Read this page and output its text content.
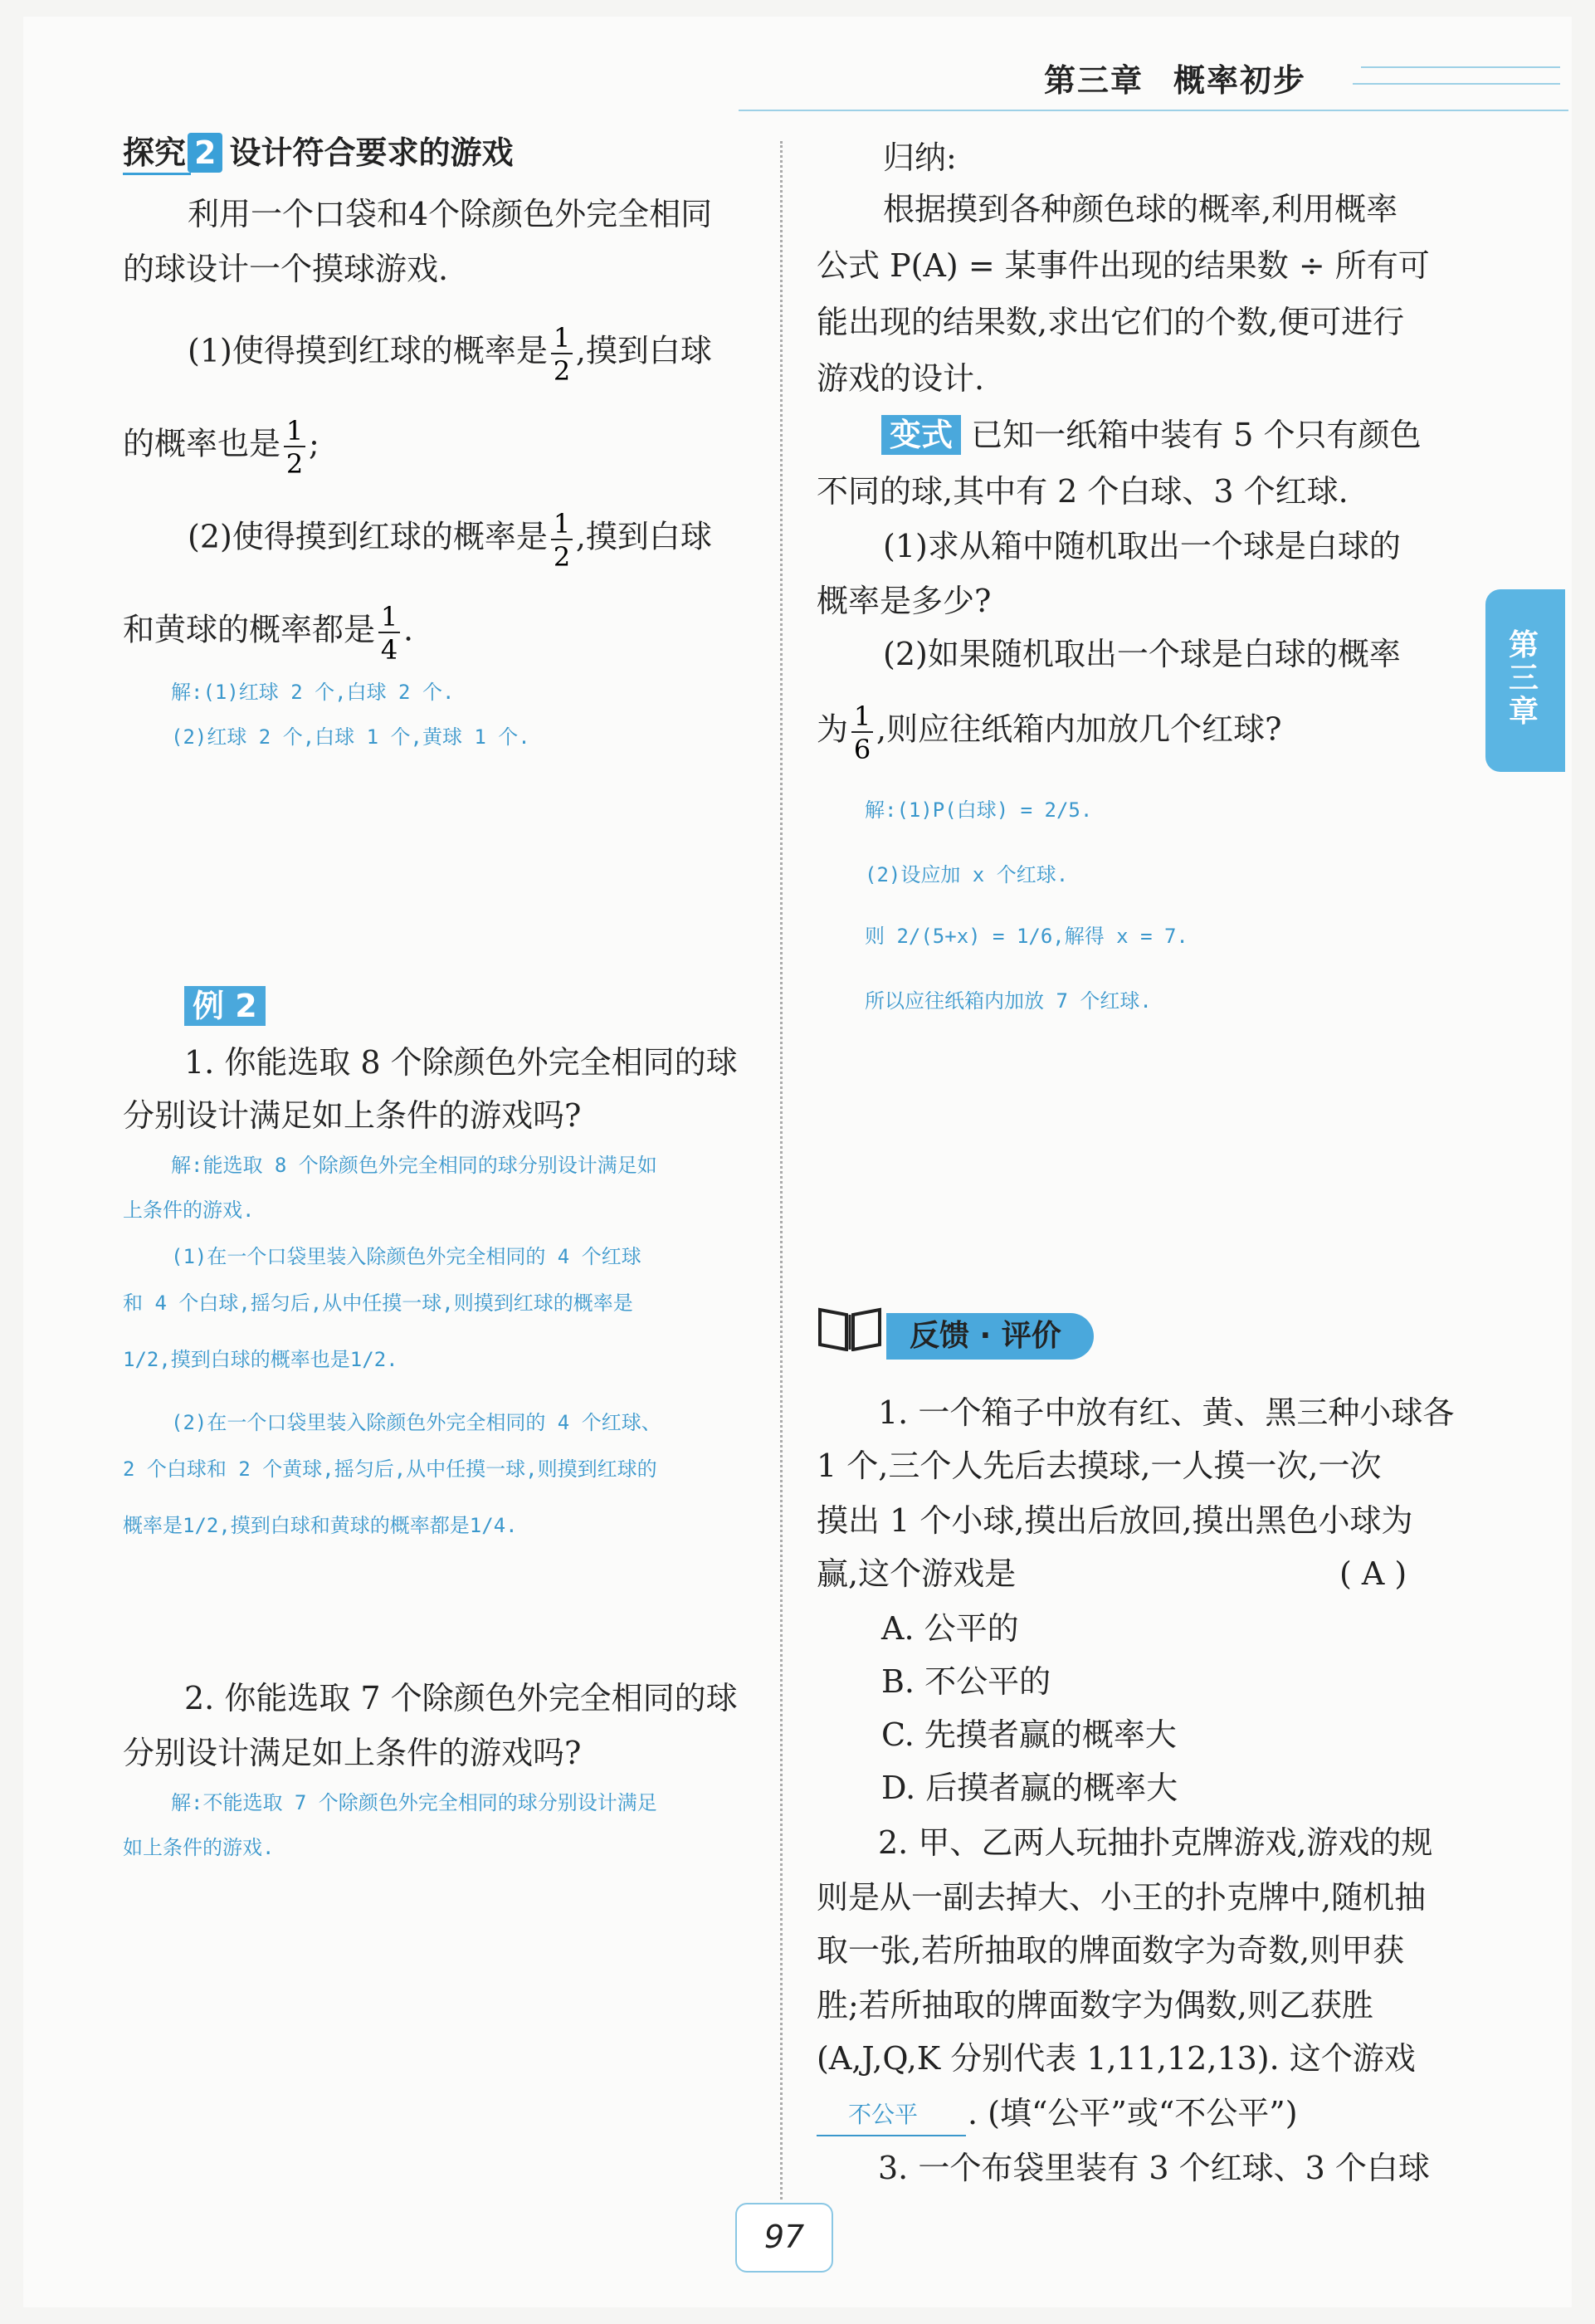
第三章 概率初步
第三章
探究 2 设计符合要求的游戏
利用一个口袋和4个除颜色外完全相同
的球设计一个摸球游戏.
(1)使得摸到红球的概率是 1
2
,摸到白球
的概率也是 1
2
;
(2)使得摸到红球的概率是 1
2
,摸到白球
和黄球的概率都是 1
4
.
解:(1)红球 2 个,白球 2 个.
(2)红球 2 个,白球 1 个,黄球 1 个.
例 2
1. 你能选取 8 个除颜色外完全相同的球
分别设计满足如上条件的游戏吗?
解:能选取 8 个除颜色外完全相同的球分别设计满足如
上条件的游戏.
(1)在一个口袋里装入除颜色外完全相同的 4 个红球
和 4 个白球,摇匀后,从中任摸一球,则摸到红球的概率是
1/2,摸到白球的概率也是1/2.
(2)在一个口袋里装入除颜色外完全相同的 4 个红球、
2 个白球和 2 个黄球,摇匀后,从中任摸一球,则摸到红球的
概率是1/2,摸到白球和黄球的概率都是1/4.
2. 你能选取 7 个除颜色外完全相同的球
分别设计满足如上条件的游戏吗?
解:不能选取 7 个除颜色外完全相同的球分别设计满足
如上条件的游戏.
归纳:
根据摸到各种颜色球的概率,利用概率
公式 P(A) = 某事件出现的结果数 ÷ 所有可
能出现的结果数,求出它们的个数,便可进行
游戏的设计.
变式 已知一纸箱中装有 5 个只有颜色
不同的球,其中有 2 个白球、3 个红球.
(1)求从箱中随机取出一个球是白球的
概率是多少?
(2)如果随机取出一个球是白球的概率
为 1
6
,则应往纸箱内加放几个红球?
解:(1)P(白球) = 2/5.
(2)设应加 x 个红球.
则 2/(5+x) = 1/6,解得 x = 7.
所以应往纸箱内加放 7 个红球.
反馈 · 评价
1. 一个箱子中放有红、黄、黑三种小球各
1 个,三个人先后去摸球,一人摸一次,一次
摸出 1 个小球,摸出后放回,摸出黑色小球为
赢,这个游戏是	( A )
A. 公平的
B. 不公平的
C. 先摸者赢的概率大
D. 后摸者赢的概率大
2. 甲、乙两人玩抽扑克牌游戏,游戏的规
则是从一副去掉大、小王的扑克牌中,随机抽
取一张,若所抽取的牌面数字为奇数,则甲获
胜;若所抽取的牌面数字为偶数,则乙获胜
(A,J,Q,K 分别代表 1,11,12,13). 这个游戏
不公平 . (填“公平”或“不公平”)
3. 一个布袋里装有 3 个红球、3 个白球
97
